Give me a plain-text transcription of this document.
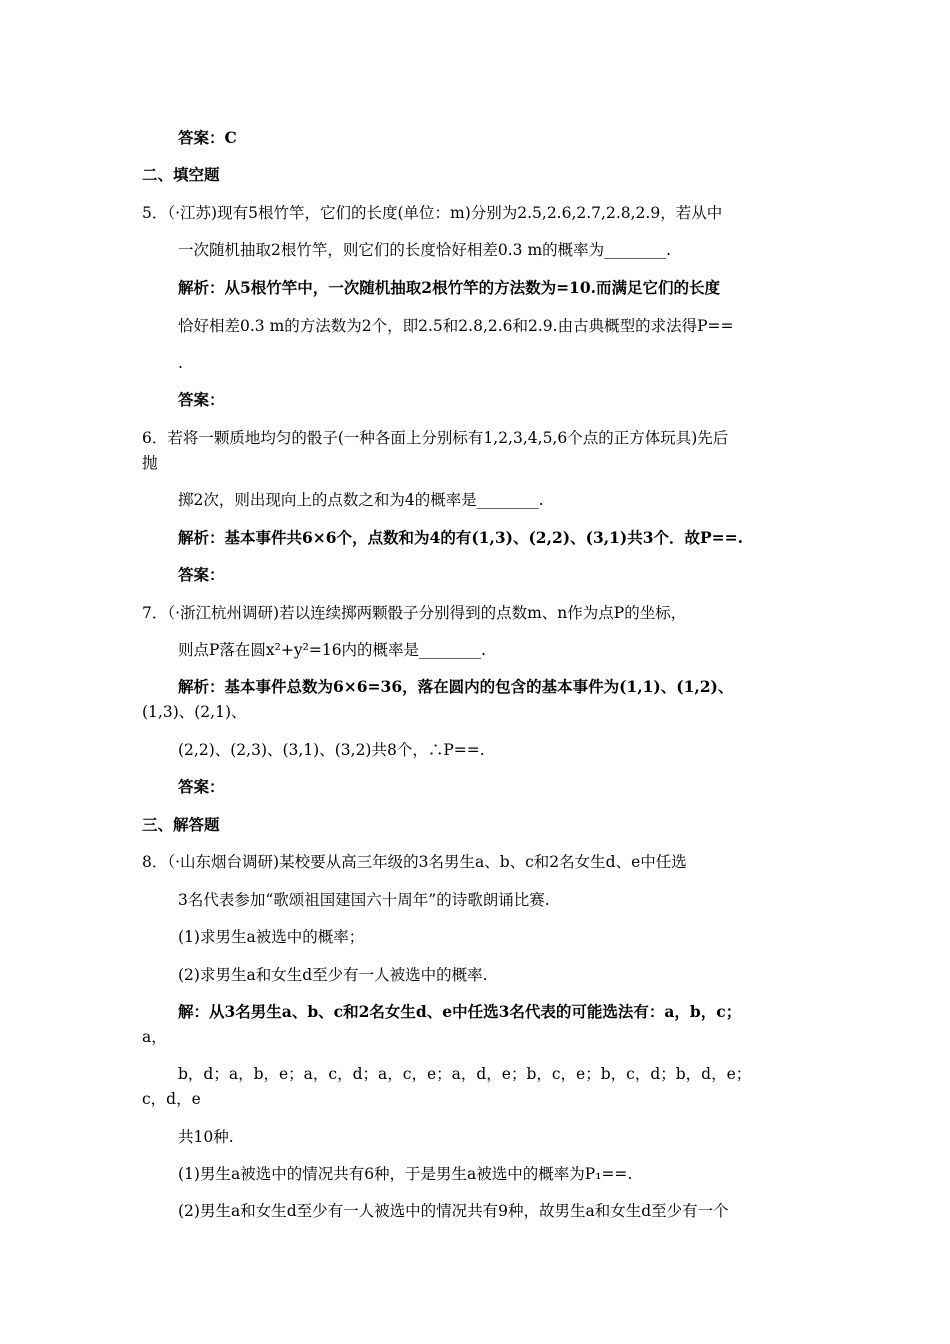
答案：C
二、填空题
5．（·江苏)现有5根竹竿，它们的长度(单位：m)分别为2.5,2.6,2.7,2.8,2.9，若从中
一次随机抽取2根竹竿，则它们的长度恰好相差0.3 m的概率为________.
解析：从5根竹竿中，一次随机抽取2根竹竿的方法数为=10.而满足它们的长度
恰好相差0.3 m的方法数为2个，即2.5和2.8,2.6和2.9.由古典概型的求法得P==
.
答案：
6．若将一颗质地均匀的骰子(一种各面上分别标有1,2,3,4,5,6个点的正方体玩具)先后
抛
掷2次，则出现向上的点数之和为4的概率是________.
解析：基本事件共6×6个，点数和为4的有(1,3)、(2,2)、(3,1)共3个．故P==.
答案：
7．（·浙江杭州调研)若以连续掷两颗骰子分别得到的点数m、n作为点P的坐标，
则点P落在圆x²+y²=16内的概率是________.
解析：基本事件总数为6×6=36，落在圆内的包含的基本事件为(1,1)、(1,2)、
(1,3)、(2,1)、
(2,2)、(2,3)、(3,1)、(3,2)共8个，∴P==.
答案：
三、解答题
8．（·山东烟台调研)某校要从高三年级的3名男生a、b、c和2名女生d、e中任选
3名代表参加“歌颂祖国建国六十周年”的诗歌朗诵比赛.
(1)求男生a被选中的概率；
(2)求男生a和女生d至少有一人被选中的概率.
解：从3名男生a、b、c和2名女生d、e中任选3名代表的可能选法有：a，b，c；
a，
b，d；a，b，e；a，c，d；a，c，e；a，d，e；b，c，e；b，c，d；b，d，e；
c，d，e
共10种.
(1)男生a被选中的情况共有6种，于是男生a被选中的概率为P₁==.
(2)男生a和女生d至少有一人被选中的情况共有9种，故男生a和女生d至少有一个
